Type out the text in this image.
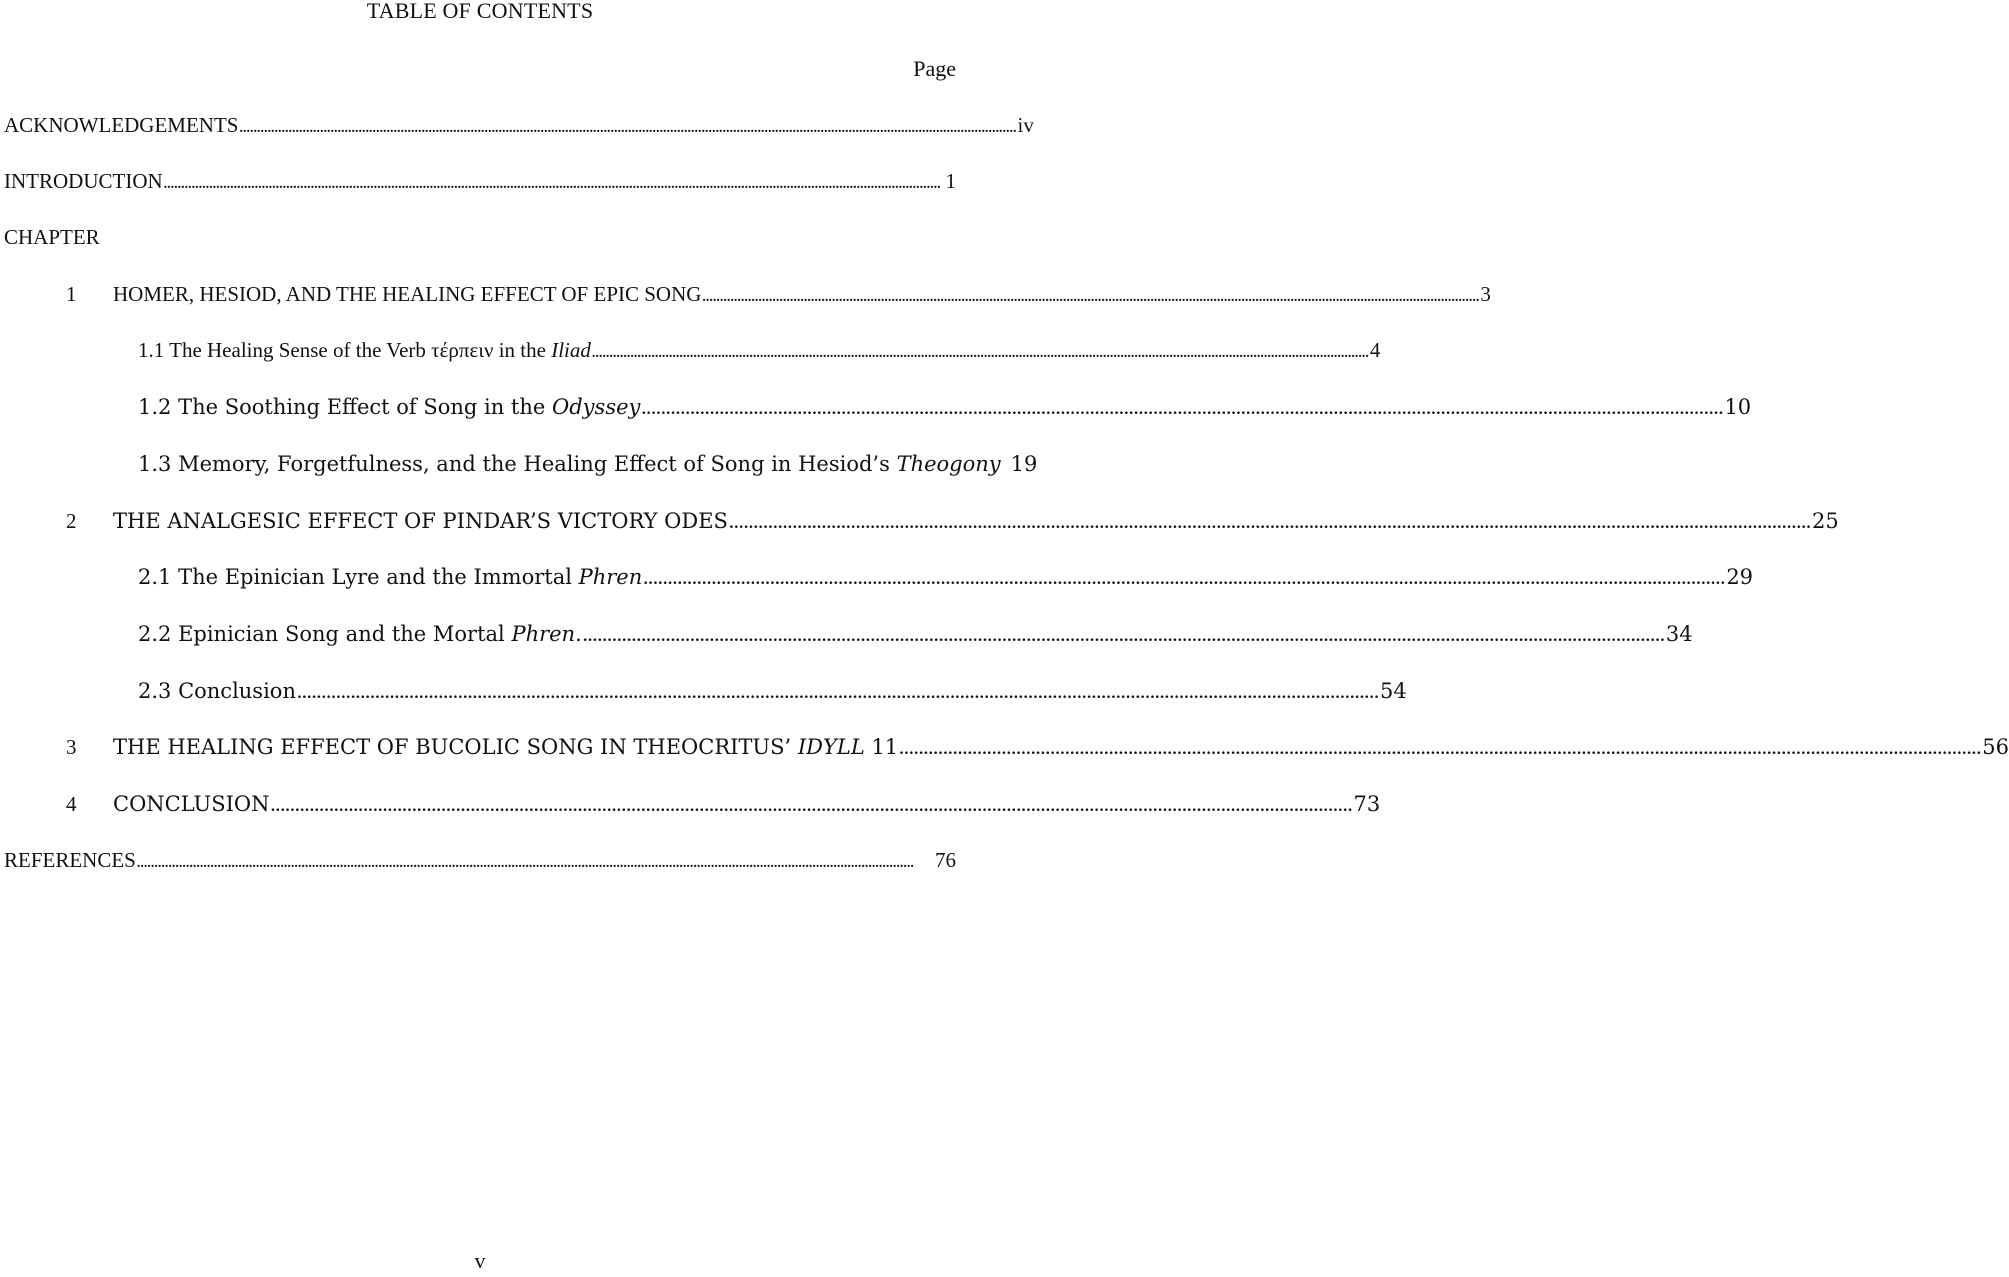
TABLE OF CONTENTS
Page
ACKNOWLEDGEMENTS .............................................................................................................................................................................................................................. iv
INTRODUCTION .............................................................................................................................................................................................................................. 1
CHAPTER
1 HOMER, HESIOD, AND THE HEALING EFFECT OF EPIC SONG .............................................................................................................................................................................................................................. 3
1.1 The Healing Sense of the Verb τέρπειν in the Iliad .............................................................................................................................................................................................................................. 4
1.2 The Soothing Effect of Song in the Odyssey .............................................................................................................................................................................................................................. 10
1.3 Memory, Forgetfulness, and the Healing Effect of Song in Hesiod’s Theogony 19
2 THE ANALGESIC EFFECT OF PINDAR’S VICTORY ODES .............................................................................................................................................................................................................................. 25
2.1 The Epinician Lyre and the Immortal Phren .............................................................................................................................................................................................................................. 29
2.2 Epinician Song and the Mortal Phren. .............................................................................................................................................................................................................................. 34
2.3 Conclusion .............................................................................................................................................................................................................................. 54
3 THE HEALING EFFECT OF BUCOLIC SONG IN THEOCRITUS’ IDYLL 11 .............................................................................................................................................................................................................................. 56
4 CONCLUSION .............................................................................................................................................................................................................................. 73
REFERENCES ..............................................................................................................................................................................................................................	76
v
